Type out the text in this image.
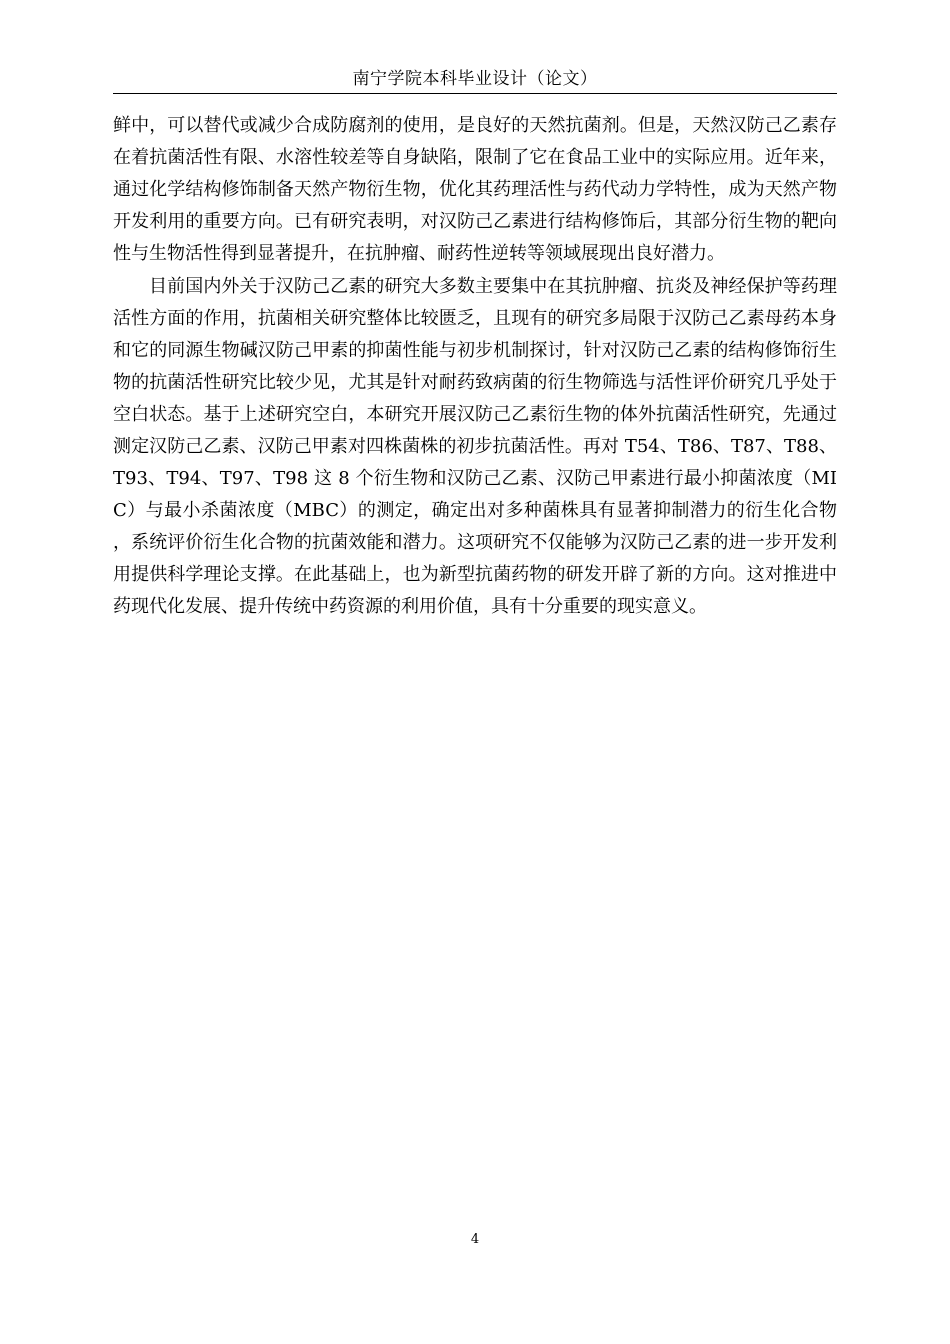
南宁学院本科毕业设计（论文）

鲜中，可以替代或减少合成防腐剂的使用，是良好的天然抗菌剂。但是，天然汉防己乙素存在着抗菌活性有限、水溶性较差等自身缺陷，限制了它在食品工业中的实际应用。近年来，通过化学结构修饰制备天然产物衍生物，优化其药理活性与药代动力学特性，成为天然产物开发利用的重要方向。已有研究表明，对汉防己乙素进行结构修饰后，其部分衍生物的靶向性与生物活性得到显著提升，在抗肿瘤、耐药性逆转等领域展现出良好潜力。

目前国内外关于汉防己乙素的研究大多数主要集中在其抗肿瘤、抗炎及神经保护等药理活性方面的作用，抗菌相关研究整体比较匮乏，且现有的研究多局限于汉防己乙素母药本身和它的同源生物碱汉防己甲素的抑菌性能与初步机制探讨，针对汉防己乙素的结构修饰衍生物的抗菌活性研究比较少见，尤其是针对耐药致病菌的衍生物筛选与活性评价研究几乎处于空白状态。基于上述研究空白，本研究开展汉防己乙素衍生物的体外抗菌活性研究，先通过测定汉防己乙素、汉防己甲素对四株菌株的初步抗菌活性。再对 T54、T86、T87、T88、T93、T94、T97、T98 这 8 个衍生物和汉防己乙素、汉防己甲素进行最小抑菌浓度（MIC）与最小杀菌浓度（MBC）的测定，确定出对多种菌株具有显著抑制潜力的衍生化合物，系统评价衍生化合物的抗菌效能和潜力。这项研究不仅能够为汉防己乙素的进一步开发利用提供科学理论支撑。在此基础上，也为新型抗菌药物的研发开辟了新的方向。这对推进中药现代化发展、提升传统中药资源的利用价值，具有十分重要的现实意义。

4
